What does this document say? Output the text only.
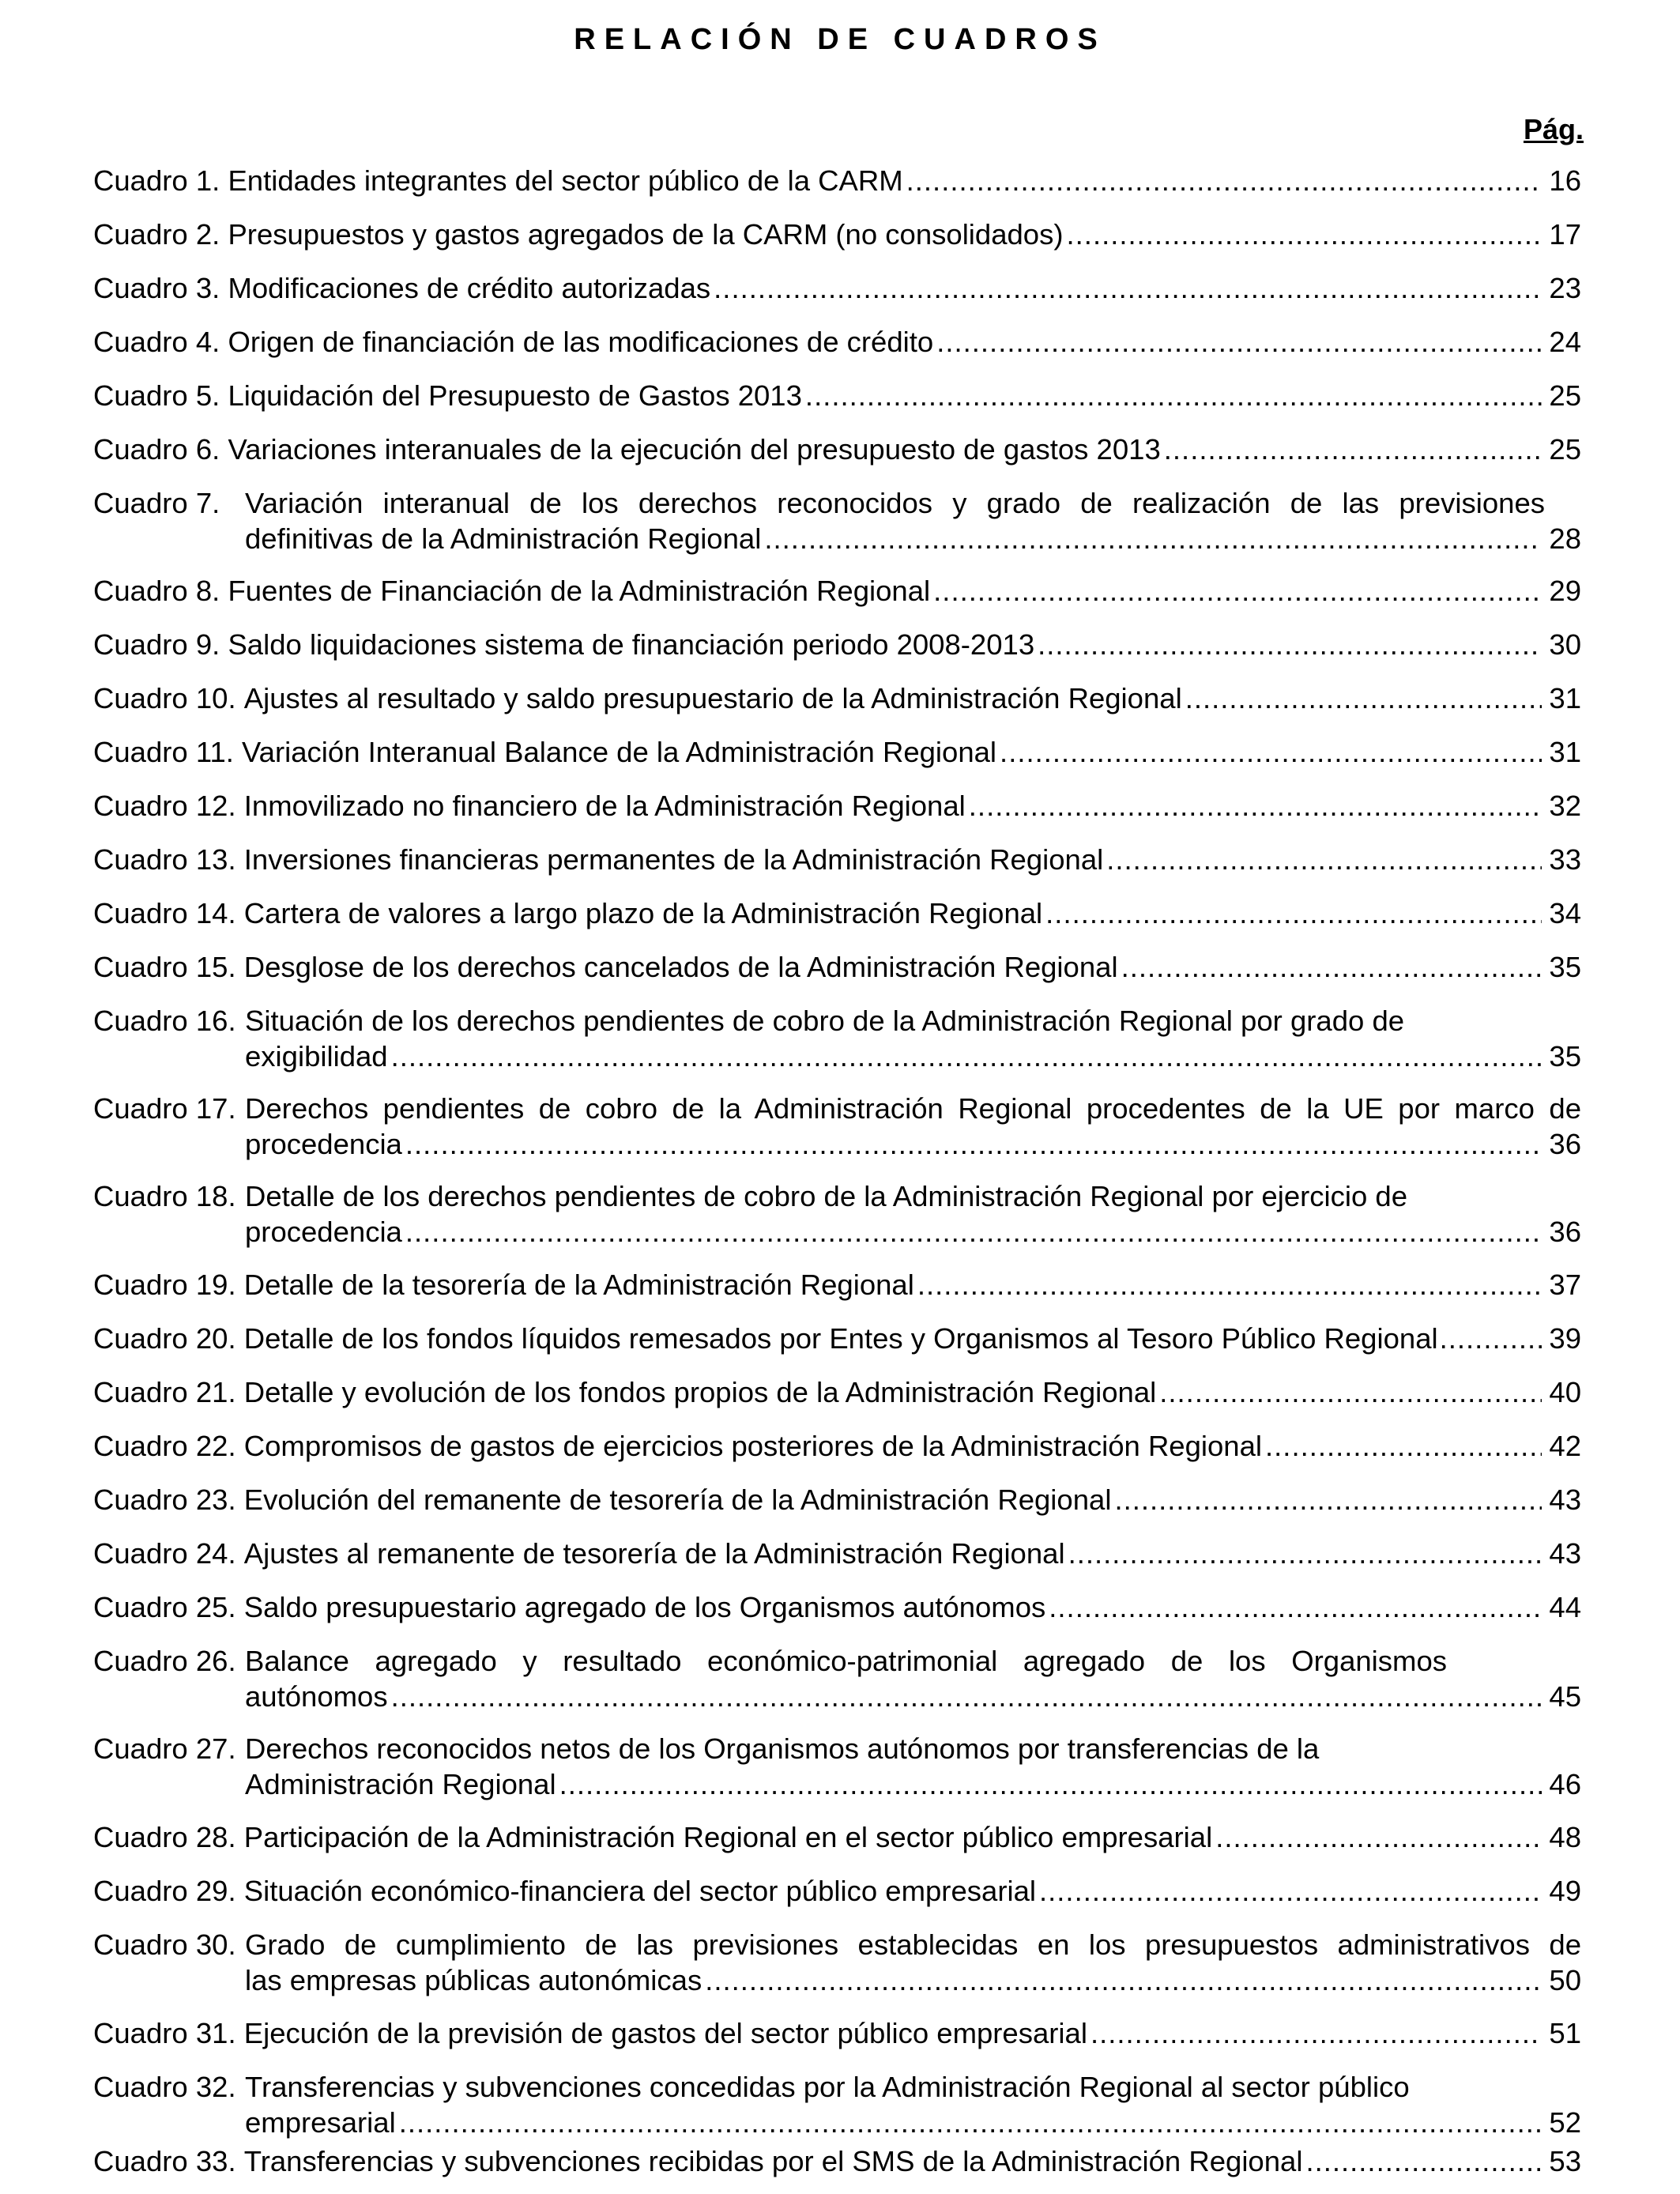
RELACIÓN DE CUADROS
Pág.
Cuadro 1.
Entidades integrantes del sector público de la CARM .....	16
Cuadro 2.
Presupuestos y gastos agregados de la CARM (no consolidados) .....	17
Cuadro 3.
Modificaciones de crédito autorizadas .....	23
Cuadro 4.
Origen de financiación de las modificaciones de crédito .....	24
Cuadro 5.
Liquidación del Presupuesto de Gastos 2013 .....	25
Cuadro 6.
Variaciones interanuales de la ejecución del presupuesto de gastos 2013 .....	25
Cuadro 7. Variación interanual de los derechos reconocidos y grado de realización de las previsiones
definitivas de la Administración Regional .....	28
Cuadro 8.
Fuentes de Financiación de la Administración Regional .....	29
Cuadro 9.
Saldo liquidaciones sistema de financiación periodo 2008-2013 .....	30
Cuadro 10.
Ajustes al resultado y saldo presupuestario de la Administración Regional .....	31
Cuadro 11.
Variación Interanual Balance de la Administración Regional .....	31
Cuadro 12.
Inmovilizado no financiero de la Administración Regional .....	32
Cuadro 13.
Inversiones financieras permanentes de la Administración Regional .....	33
Cuadro 14.
Cartera de valores a largo plazo de la Administración Regional .....	34
Cuadro 15.
Desglose de los derechos cancelados de la Administración Regional .....	35
Cuadro 16. Situación de los derechos pendientes de cobro de la Administración Regional por grado de
exigibilidad .....	35
Cuadro 17. Derechos pendientes de cobro de la Administración Regional procedentes de la UE por marco de
procedencia .....	36
Cuadro 18. Detalle de los derechos pendientes de cobro de la Administración Regional por ejercicio de
procedencia .....	36
Cuadro 19.
Detalle de la tesorería de la Administración Regional .....	37
Cuadro 20.
Detalle de los fondos líquidos remesados por Entes y Organismos al Tesoro Público Regional .....	39
Cuadro 21.
Detalle y evolución de los fondos propios de la Administración Regional .....	40
Cuadro 22.
Compromisos de gastos de ejercicios posteriores de la Administración Regional .....	42
Cuadro 23.
Evolución del remanente de tesorería de la Administración Regional .....	43
Cuadro 24.
Ajustes al remanente de tesorería de la Administración Regional .....	43
Cuadro 25.
Saldo presupuestario agregado de los Organismos autónomos .....	44
Cuadro 26. Balance agregado y resultado económico-patrimonial agregado de los Organismos
autónomos .....	45
Cuadro 27. Derechos reconocidos netos de los Organismos autónomos por transferencias de la
Administración Regional .....	46
Cuadro 28.
Participación de la Administración Regional en el sector público empresarial .....	48
Cuadro 29.
Situación económico-financiera del sector público empresarial .....	49
Cuadro 30. Grado de cumplimiento de las previsiones establecidas en los presupuestos administrativos de
las empresas públicas autonómicas .....	50
Cuadro 31.
Ejecución de la previsión de gastos del sector público empresarial .....	51
Cuadro 32. Transferencias y subvenciones concedidas por la Administración Regional al sector público
empresarial .....	52
Cuadro 33.
Transferencias y subvenciones recibidas por el SMS de la Administración Regional .....	53
